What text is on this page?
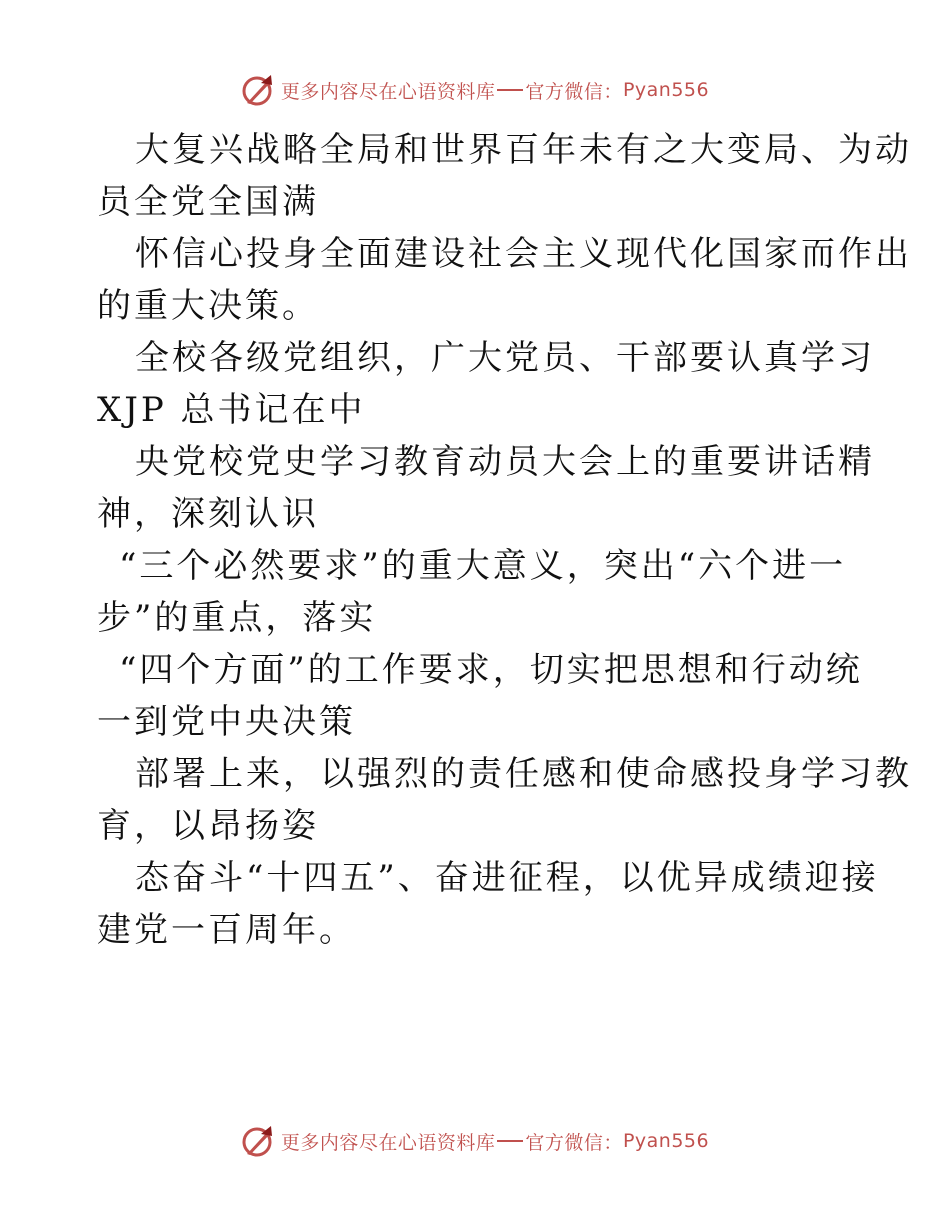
更多内容尽在心语资料库 官方微信： Pyan556
大复兴战略全局和世界百年未有之大变局、为动
员全党全国满
怀信心投身全面建设社会主义现代化国家而作出
的重大决策。
全校各级党组织，广大党员、干部要认真学习
XJP 总书记在中
央党校党史学习教育动员大会上的重要讲话精
神，深刻认识
“三个必然要求”的重大意义，突出“六个进一
步”的重点，落实
“四个方面”的工作要求，切实把思想和行动统
一到党中央决策
部署上来，以强烈的责任感和使命感投身学习教
育，以昂扬姿
态奋斗“十四五”、奋进征程，以优异成绩迎接
建党一百周年。
更多内容尽在心语资料库 官方微信： Pyan556
